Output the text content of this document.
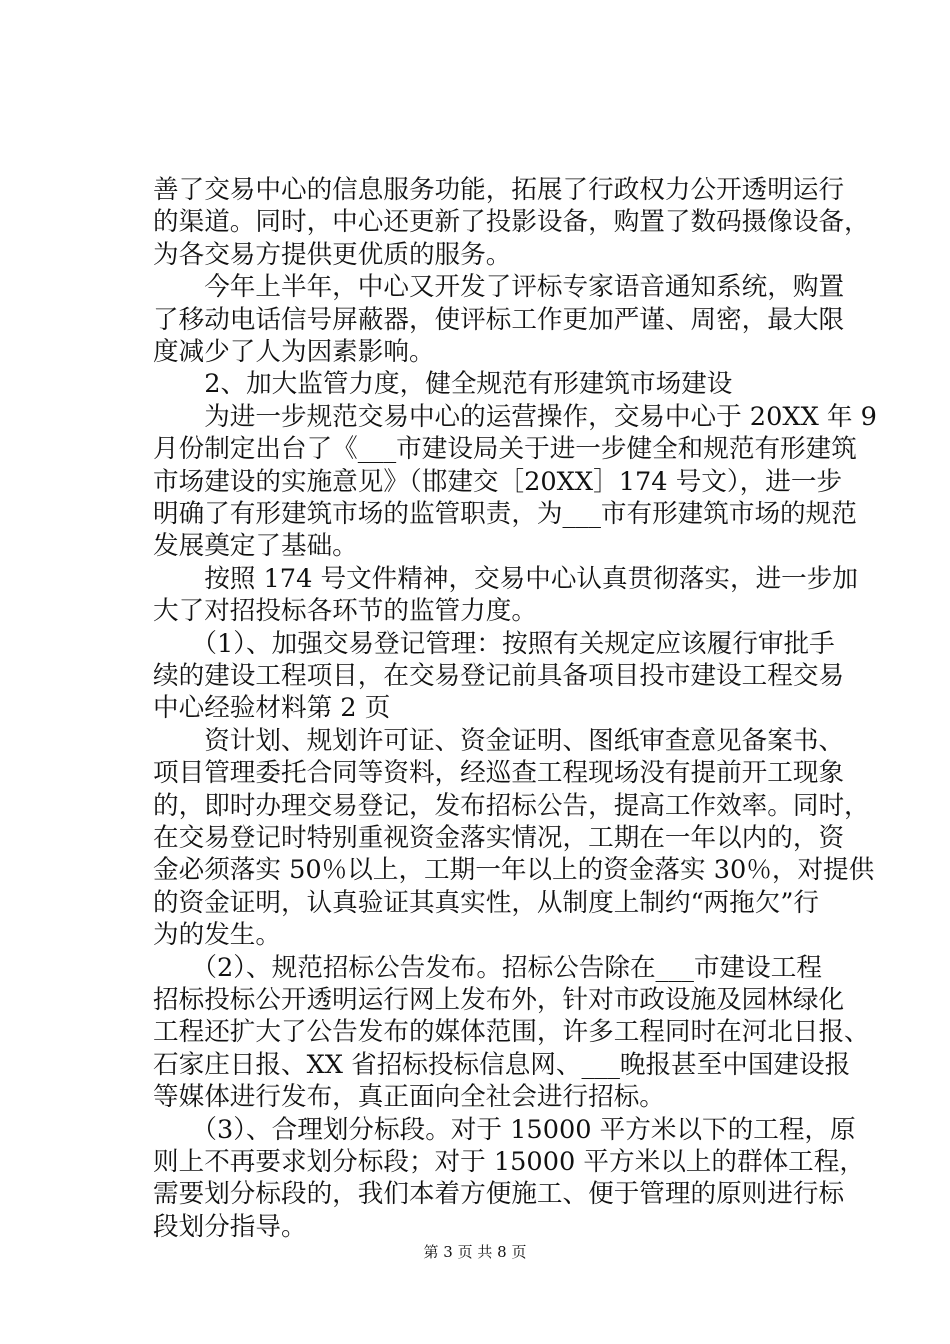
善了交易中心的信息服务功能，拓展了行政权力公开透明运行
的渠道。同时，中心还更新了投影设备，购置了数码摄像设备，
为各交易方提供更优质的服务。
　　今年上半年，中心又开发了评标专家语音通知系统，购置
了移动电话信号屏蔽器，使评标工作更加严谨、周密，最大限
度减少了人为因素影响。
　　2、加大监管力度，健全规范有形建筑市场建设
　　为进一步规范交易中心的运营操作，交易中心于 20XX 年 9
月份制定出台了《___市建设局关于进一步健全和规范有形建筑
市场建设的实施意见》（邯建交［20XX］174 号文），进一步
明确了有形建筑市场的监管职责，为___市有形建筑市场的规范
发展奠定了基础。
　　按照 174 号文件精神，交易中心认真贯彻落实，进一步加
大了对招投标各环节的监管力度。
　　（1）、加强交易登记管理：按照有关规定应该履行审批手
续的建设工程项目，在交易登记前具备项目投市建设工程交易
中心经验材料第 2 页
　　资计划、规划许可证、资金证明、图纸审查意见备案书、
项目管理委托合同等资料，经巡查工程现场没有提前开工现象
的，即时办理交易登记，发布招标公告，提高工作效率。同时，
在交易登记时特别重视资金落实情况，工期在一年以内的，资
金必须落实 50％以上，工期一年以上的资金落实 30％，对提供
的资金证明，认真验证其真实性，从制度上制约“两拖欠”行
为的发生。
　　（2）、规范招标公告发布。招标公告除在___市建设工程
招标投标公开透明运行网上发布外，针对市政设施及园林绿化
工程还扩大了公告发布的媒体范围，许多工程同时在河北日报、
石家庄日报、XX 省招标投标信息网、___晚报甚至中国建设报
等媒体进行发布，真正面向全社会进行招标。
　　（3）、合理划分标段。对于 15000 平方米以下的工程，原
则上不再要求划分标段；对于 15000 平方米以上的群体工程，
需要划分标段的，我们本着方便施工、便于管理的原则进行标
段划分指导。
第 3 页 共 8 页
